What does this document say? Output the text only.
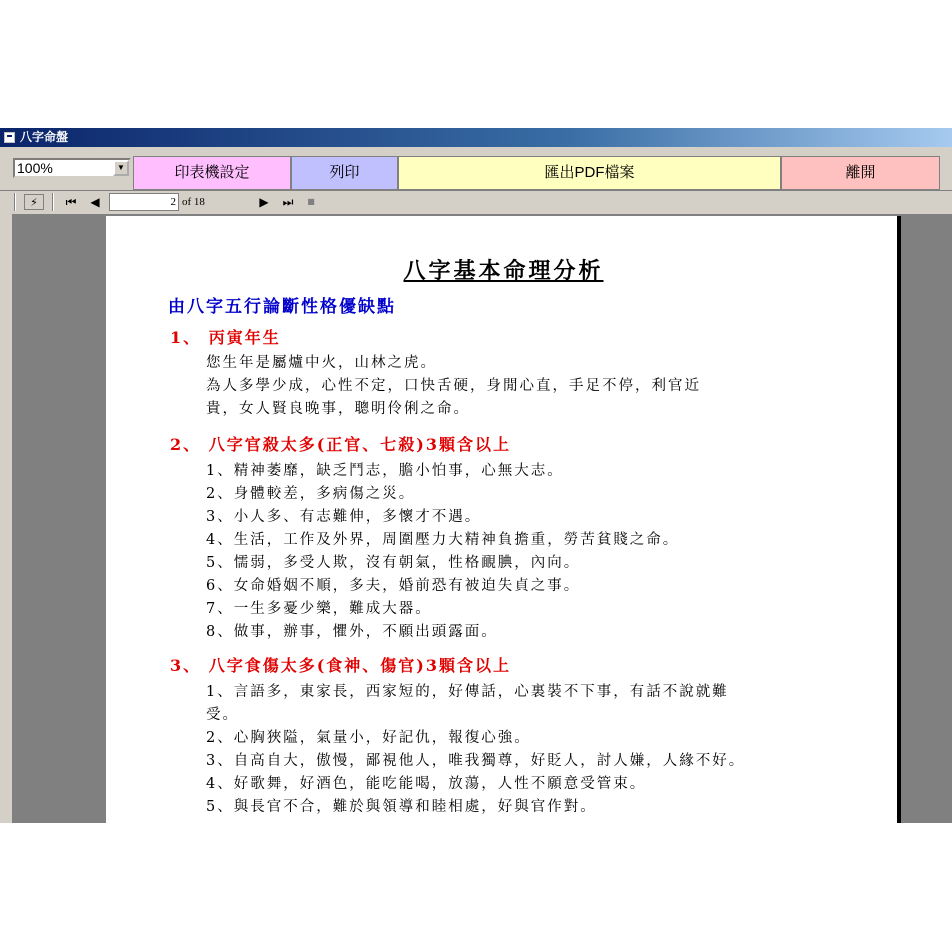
八字命盤
100%	▼	印表機設定	列印	匯出PDF檔案	離開
⚡	⏮ ◀	2 of 18	▶ ⏭ ■
八字基本命理分析
由八字五行論斷性格優缺點
1、 丙寅年生
您生年是屬爐中火，山林之虎。
為人多學少成，心性不定，口快舌硬，身閒心直，手足不停，利官近
貴，女人賢良晚事，聰明伶俐之命。
2、 八字官殺太多(正官、七殺)3顆含以上
1、精神萎靡，缺乏鬥志，膽小怕事，心無大志。
2、身體較差，多病傷之災。
3、小人多、有志難伸，多懷才不遇。
4、生活，工作及外界，周圍壓力大精神負擔重，勞苦貧賤之命。
5、懦弱，多受人欺，沒有朝氣，性格靦腆，內向。
6、女命婚姻不順，多夫，婚前恐有被迫失貞之事。
7、一生多憂少樂，難成大器。
8、做事，辦事，懼外，不願出頭露面。
3、 八字食傷太多(食神、傷官)3顆含以上
1、言語多，東家長，西家短的，好傳話，心裏裝不下事，有話不說就難
受。
2、心胸狹隘，氣量小，好記仇，報復心強。
3、自高自大，傲慢，鄙視他人，唯我獨尊，好貶人，討人嫌，人緣不好。
4、好歌舞，好酒色，能吃能喝，放蕩，人性不願意受管束。
5、與長官不合，難於與領導和睦相處，好與官作對。
